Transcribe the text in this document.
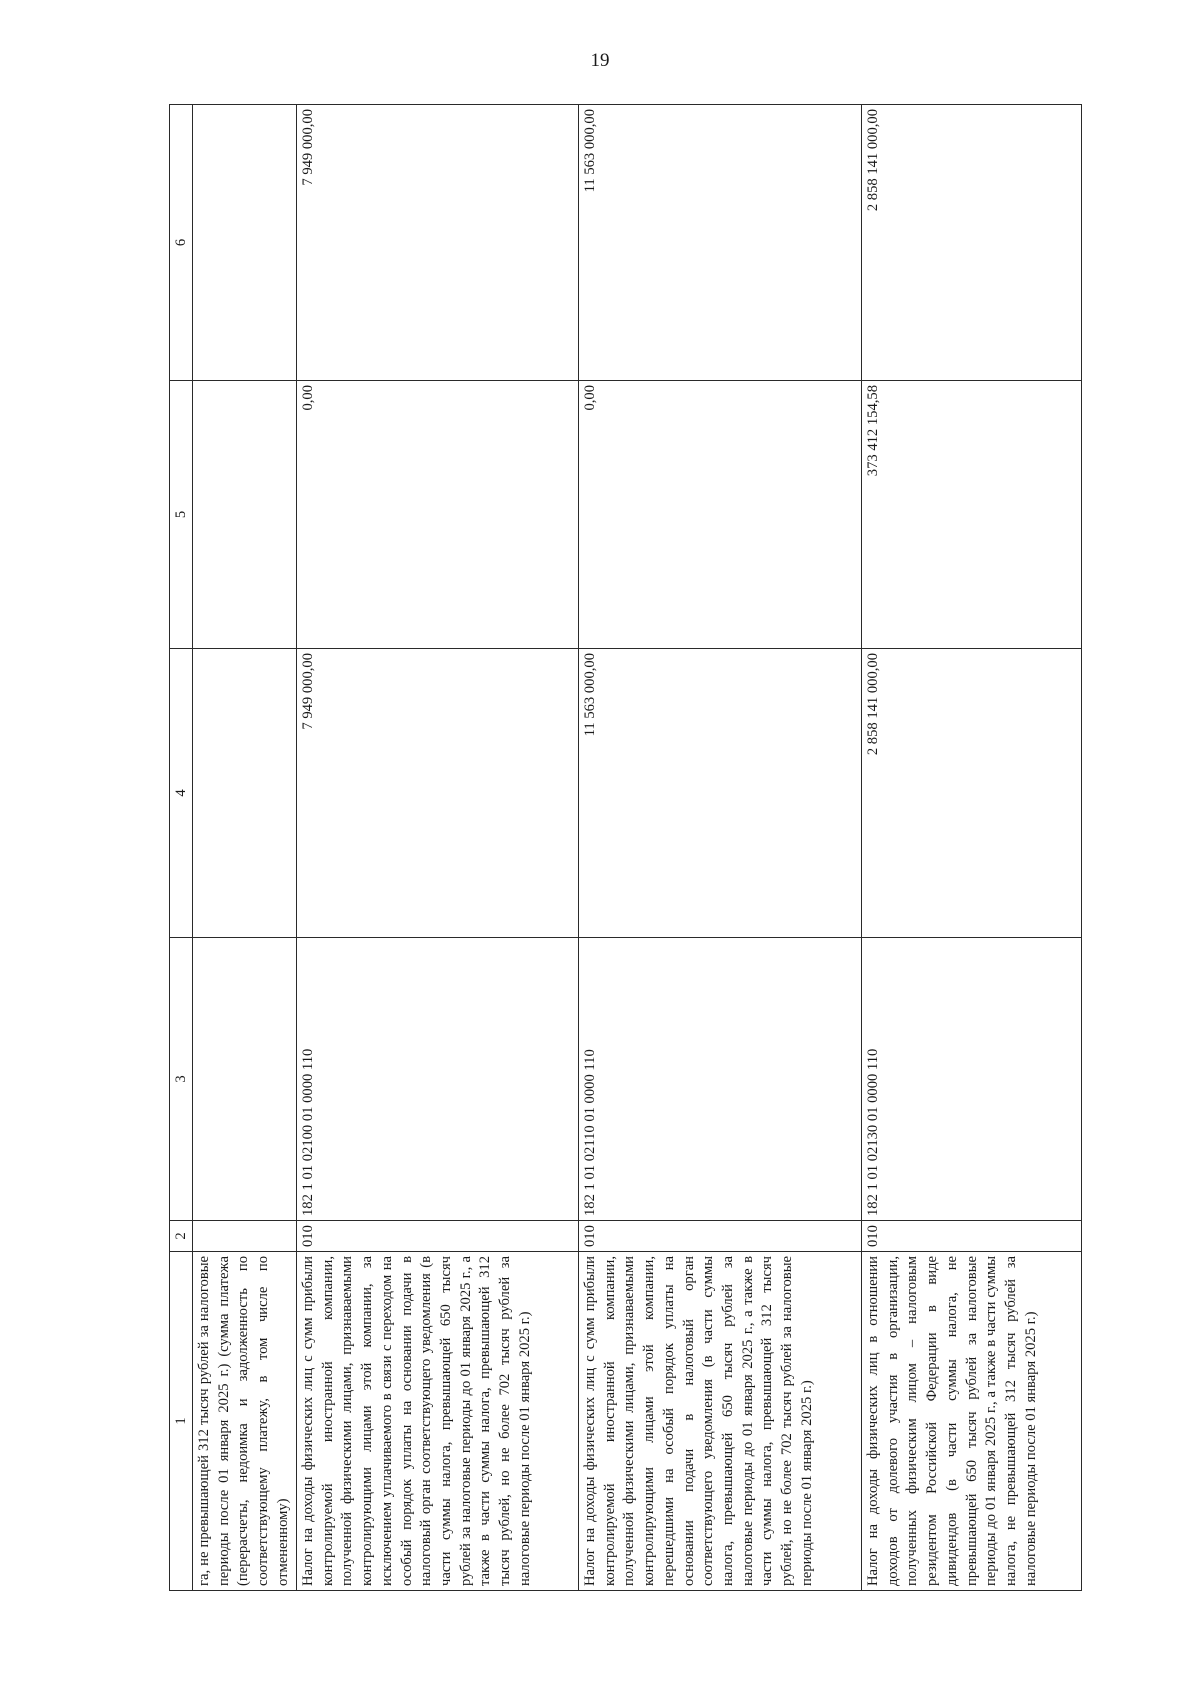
19
1	2	3	4	5	6
га, не превышающей 312 тысяч рублей за налоговые периоды после 01 января 2025 г.) (сумма платежа (перерасчеты, недоимка и задолженность по соответствующему платежу, в том числе по отмененному)					
Налог на доходы физических лиц с сумм прибыли контролируемой иностранной компании, полученной физическими лицами, признаваемыми контролирующими лицами этой компании, за исключением уплачиваемого в связи с переходом на особый порядок уплаты на основании подачи в налоговый орган соответствующего уведомления (в части суммы налога, превышающей 650 тысяч рублей за налоговые периоды до 01 января 2025 г., а также в части суммы налога, превышающей 312 тысяч рублей, но не более 702 тысяч рублей за налоговые периоды после 01 января 2025 г.)	010	182 1 01 02100 01 0000 110	7 949 000,00	0,00	7 949 000,00
Налог на доходы физических лиц с сумм прибыли контролируемой иностранной компании, полученной физическими лицами, признаваемыми контролирующими лицами этой компании, перешедшими на особый порядок уплаты на основании подачи в налоговый орган соответствующего уведомления (в части суммы налога, превышающей 650 тысяч рублей за налоговые периоды до 01 января 2025 г., а также в части суммы налога, превышающей 312 тысяч рублей, но не более 702 тысяч рублей за налоговые периоды после 01 января 2025 г.)	010	182 1 01 02110 01 0000 110	11 563 000,00	0,00	11 563 000,00
Налог на доходы физических лиц в отношении доходов от долевого участия в организации, полученных физическим лицом – налоговым резидентом Российской Федерации в виде дивидендов (в части суммы налога, не превышающей 650 тысяч рублей за налоговые периоды до 01 января 2025 г., а также в части суммы налога, не превышающей 312 тысяч рублей за налоговые периоды после 01 января 2025 г.)	010	182 1 01 02130 01 0000 110	2 858 141 000,00	373 412 154,58	2 858 141 000,00
